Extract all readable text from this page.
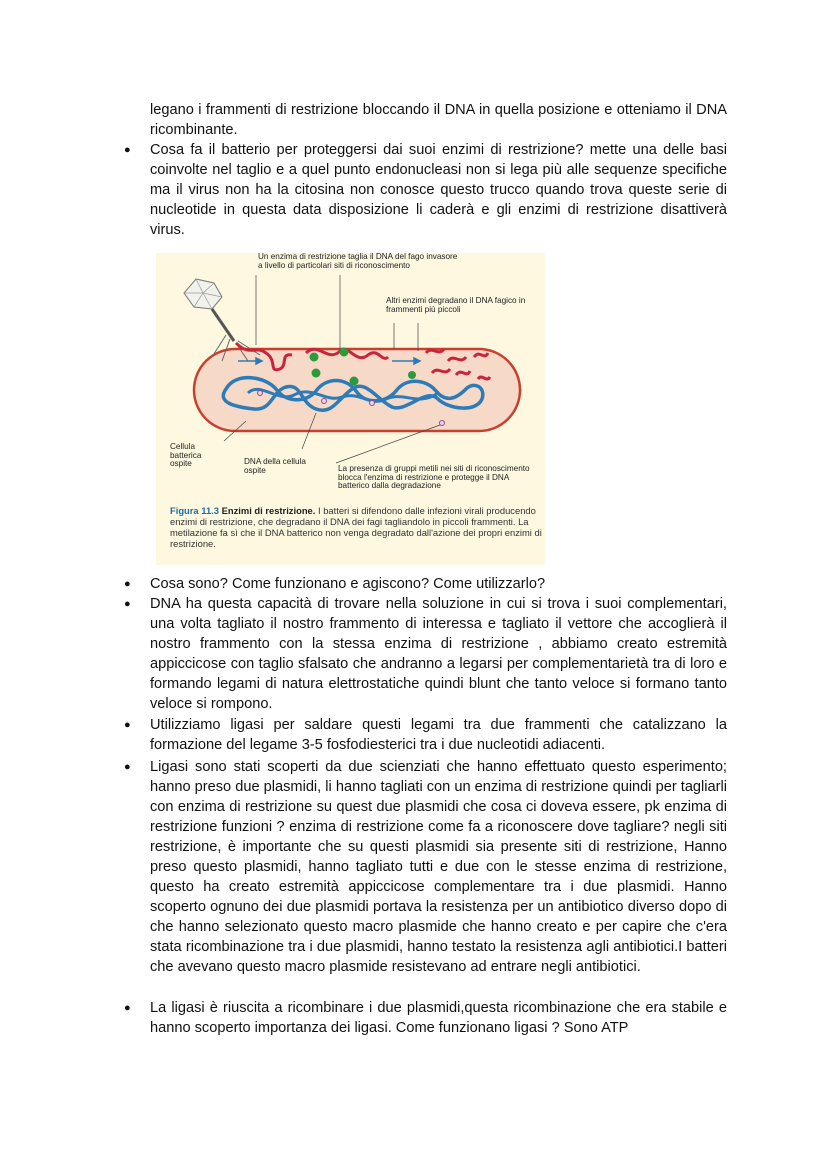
legano i frammenti di restrizione bloccando il DNA in quella posizione e otteniamo il DNA ricombinante.

● Cosa fa il batterio per proteggersi dai suoi enzimi di restrizione? mette una delle basi coinvolte nel taglio e a quel punto endonucleasi non si lega più alle sequenze specifiche ma il virus non ha la citosina non conosce questo trucco quando trova queste serie di nucleotide in questa data disposizione li caderà e gli enzimi di restrizione disattiverà virus.

Un enzima di restrizione taglia il DNA del fago invasore a livello di particolari siti di riconoscimento
Altri enzimi degradano il DNA fagico in frammenti più piccoli
Cellula batterica ospite	DNA della cellula ospite	La presenza di gruppi metili nei siti di riconoscimento blocca l'enzima di restrizione e protegge il DNA batterico dalla degradazione

Figura 11.3 Enzimi di restrizione. I batteri si difendono dalle infezioni virali producendo enzimi di restrizione, che degradano il DNA dei fagi tagliandolo in piccoli frammenti. La metilazione fa sì che il DNA batterico non venga degradato dall'azione dei propri enzimi di restrizione.

● Cosa sono? Come funzionano e agiscono? Come utilizzarlo?

● DNA ha questa capacità di trovare nella soluzione in cui si trova i suoi complementari, una volta tagliato il nostro frammento di interessa e tagliato il vettore che accoglierà il nostro frammento con la stessa enzima di restrizione , abbiamo creato estremità appiccicose con taglio sfalsato che andranno a legarsi per complementarietà tra di loro e formando legami di natura elettrostatiche quindi blunt che tanto veloce si formano tanto veloce si rompono.

● Utilizziamo ligasi per saldare questi legami tra due frammenti che catalizzano la formazione del legame 3-5 fosfodiesterici tra i due nucleotidi adiacenti.

● Ligasi sono stati scoperti da due scienziati che hanno effettuato questo esperimento; hanno preso due plasmidi, li hanno tagliati con un enzima di restrizione quindi per tagliarli con enzima di restrizione su quest due plasmidi che cosa ci doveva essere, pk enzima di restrizione funzioni ? enzima di restrizione come fa a riconoscere dove tagliare? negli siti restrizione, è importante che su questi plasmidi sia presente siti di restrizione, Hanno preso questo plasmidi, hanno tagliato tutti e due con le stesse enzima di restrizione, questo ha creato estremità appiccicose complementare tra i due plasmidi. Hanno scoperto ognuno dei due plasmidi portava la resistenza per un antibiotico diverso dopo di che hanno selezionato questo macro plasmide che hanno creato e per capire che c'era stata ricombinazione tra i due plasmidi, hanno testato la resistenza agli antibiotici.I batteri che avevano questo macro plasmide resistevano ad entrare negli antibiotici.

● La ligasi è riuscita a ricombinare i due plasmidi,questa ricombinazione che era stabile e hanno scoperto importanza dei ligasi. Come funzionano ligasi ? Sono ATP
